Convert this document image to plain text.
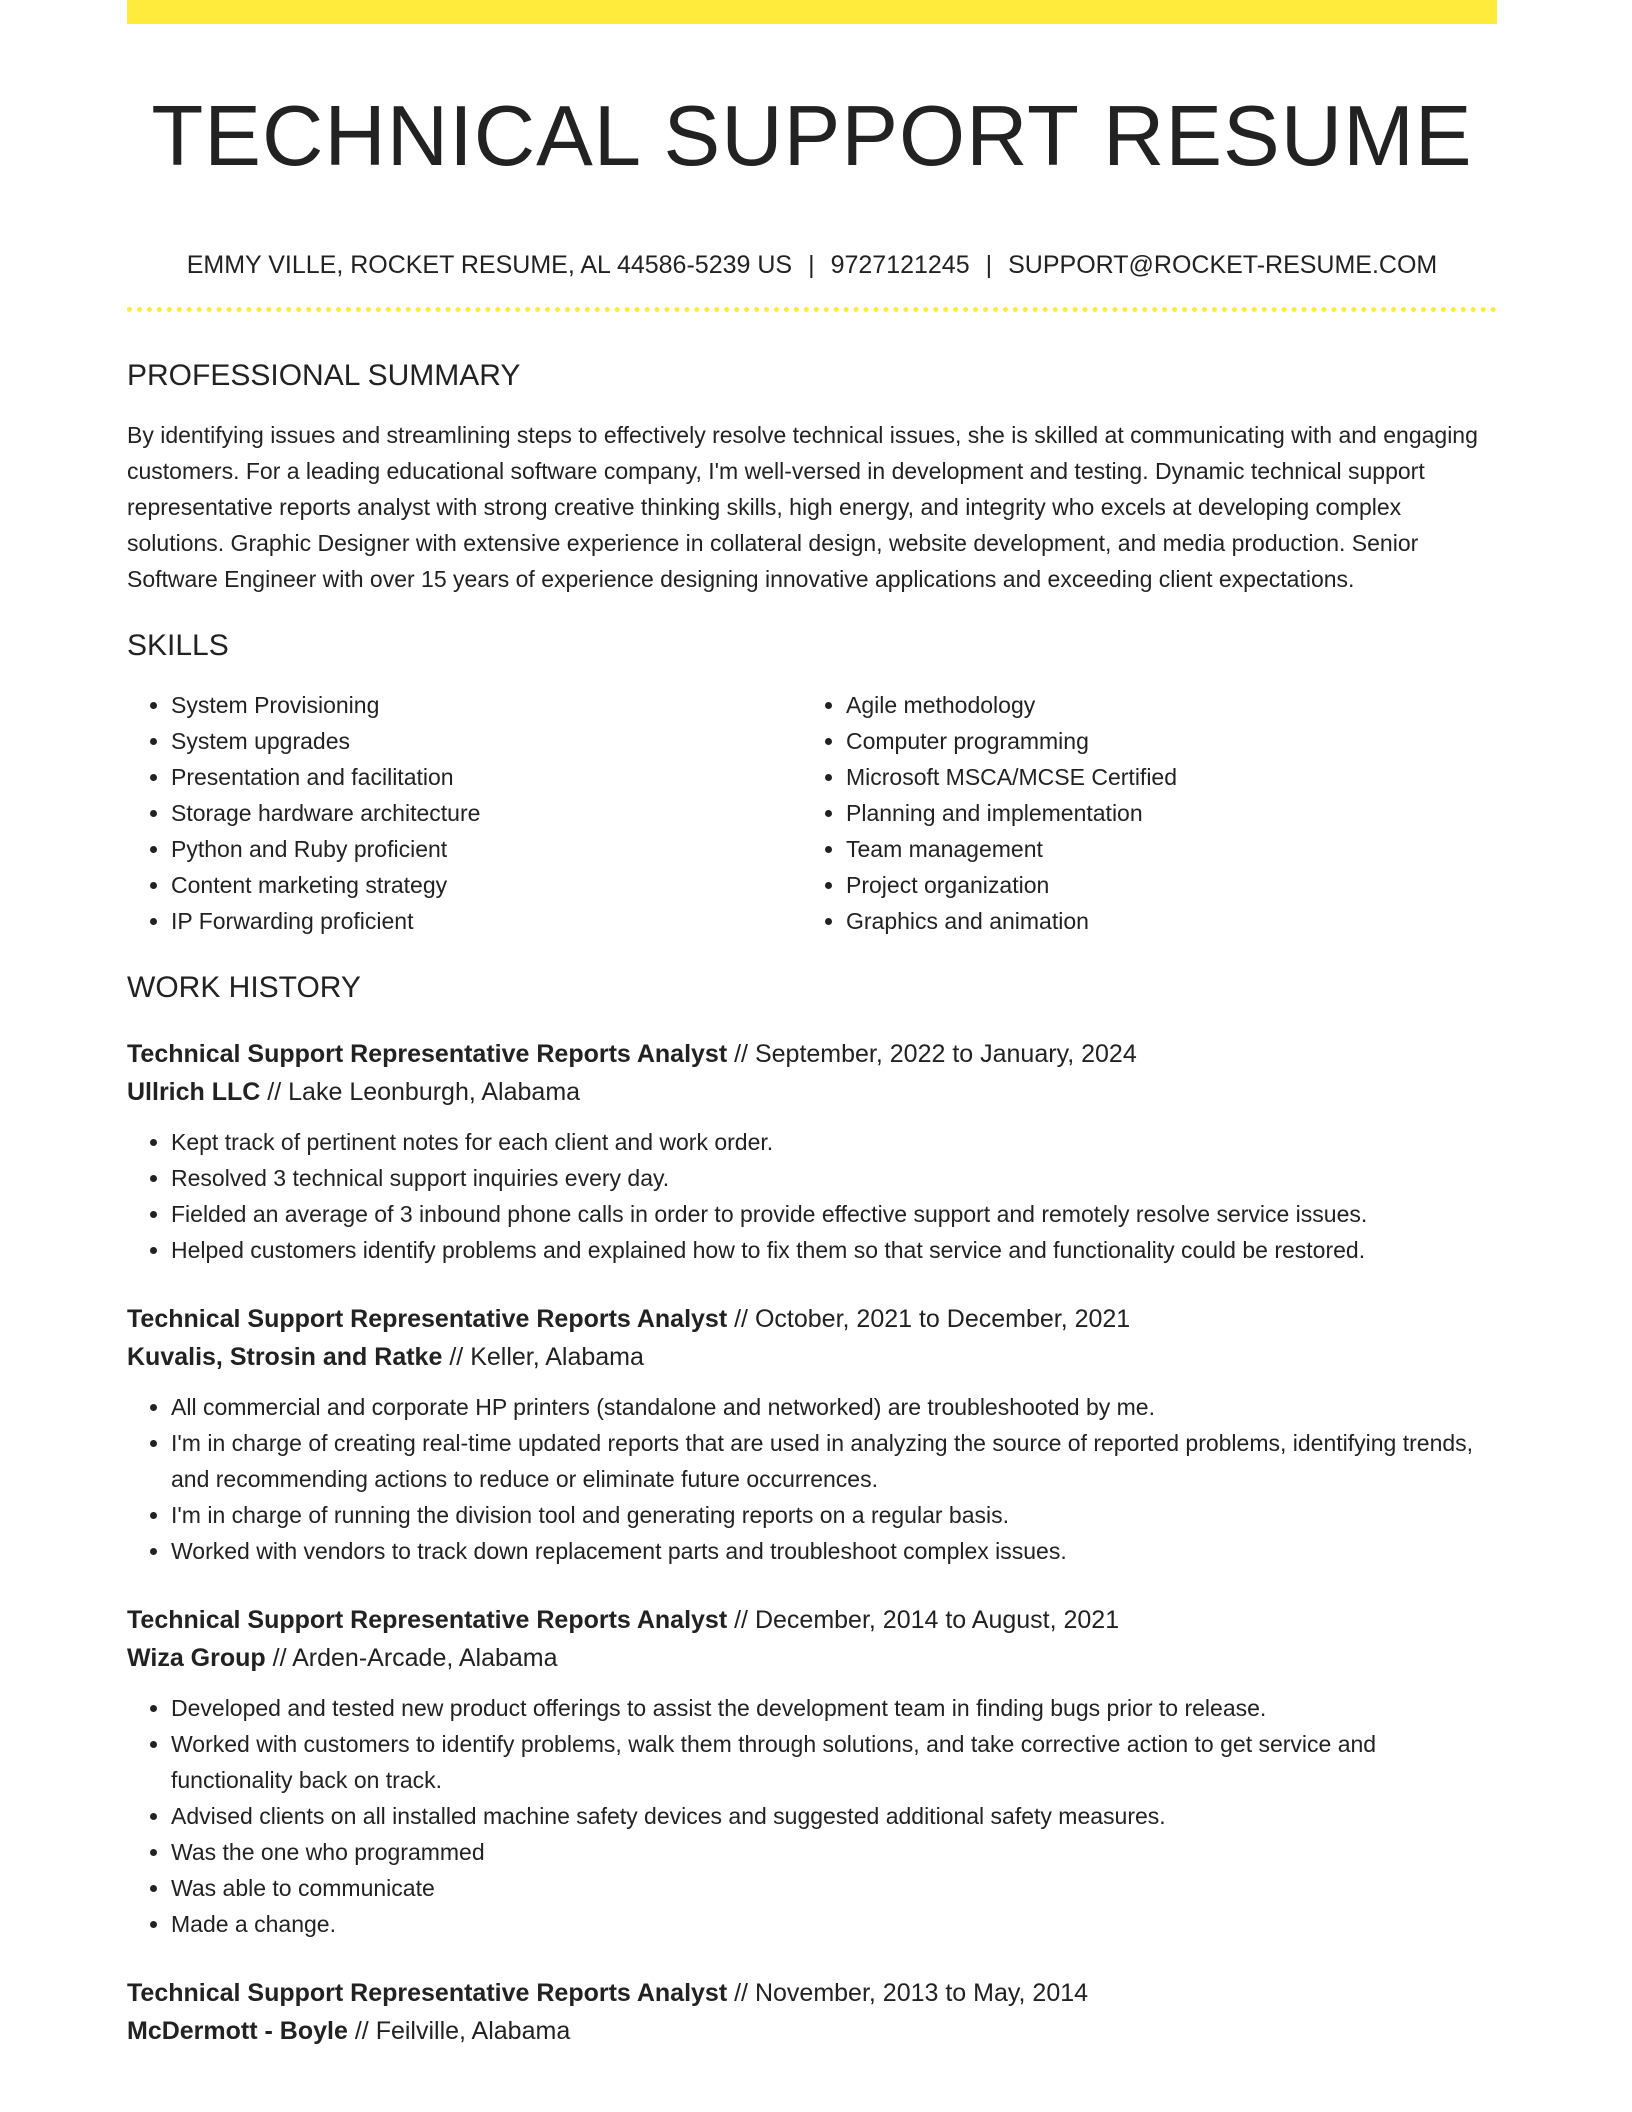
TECHNICAL SUPPORT RESUME
EMMY VILLE, ROCKET RESUME, AL 44586-5239 US | 9727121245 | SUPPORT@ROCKET-RESUME.COM
PROFESSIONAL SUMMARY

By identifying issues and streamlining steps to effectively resolve technical issues, she is skilled at communicating with and engaging customers. For a leading educational software company, I'm well-versed in development and testing. Dynamic technical support representative reports analyst with strong creative thinking skills, high energy, and integrity who excels at developing complex solutions. Graphic Designer with extensive experience in collateral design, website development, and media production. Senior Software Engineer with over 15 years of experience designing innovative applications and exceeding client expectations.

SKILLS
• System Provisioning
• System upgrades
• Presentation and facilitation
• Storage hardware architecture
• Python and Ruby proficient
• Content marketing strategy
• IP Forwarding proficient
• Agile methodology
• Computer programming
• Microsoft MSCA/MCSE Certified
• Planning and implementation
• Team management
• Project organization
• Graphics and animation
WORK HISTORY
Technical Support Representative Reports Analyst // September, 2022 to January, 2024
Ullrich LLC // Lake Leonburgh, Alabama
• Kept track of pertinent notes for each client and work order.
• Resolved 3 technical support inquiries every day.
• Fielded an average of 3 inbound phone calls in order to provide effective support and remotely resolve service issues.
• Helped customers identify problems and explained how to fix them so that service and functionality could be restored.
Technical Support Representative Reports Analyst // October, 2021 to December, 2021
Kuvalis, Strosin and Ratke // Keller, Alabama
• All commercial and corporate HP printers (standalone and networked) are troubleshooted by me.
• I'm in charge of creating real-time updated reports that are used in analyzing the source of reported problems, identifying trends, and recommending actions to reduce or eliminate future occurrences.
• I'm in charge of running the division tool and generating reports on a regular basis.
• Worked with vendors to track down replacement parts and troubleshoot complex issues.
Technical Support Representative Reports Analyst // December, 2014 to August, 2021
Wiza Group // Arden-Arcade, Alabama
• Developed and tested new product offerings to assist the development team in finding bugs prior to release.
• Worked with customers to identify problems, walk them through solutions, and take corrective action to get service and functionality back on track.
• Advised clients on all installed machine safety devices and suggested additional safety measures.
• Was the one who programmed
• Was able to communicate
• Made a change.
Technical Support Representative Reports Analyst // November, 2013 to May, 2014
McDermott - Boyle // Feilville, Alabama
